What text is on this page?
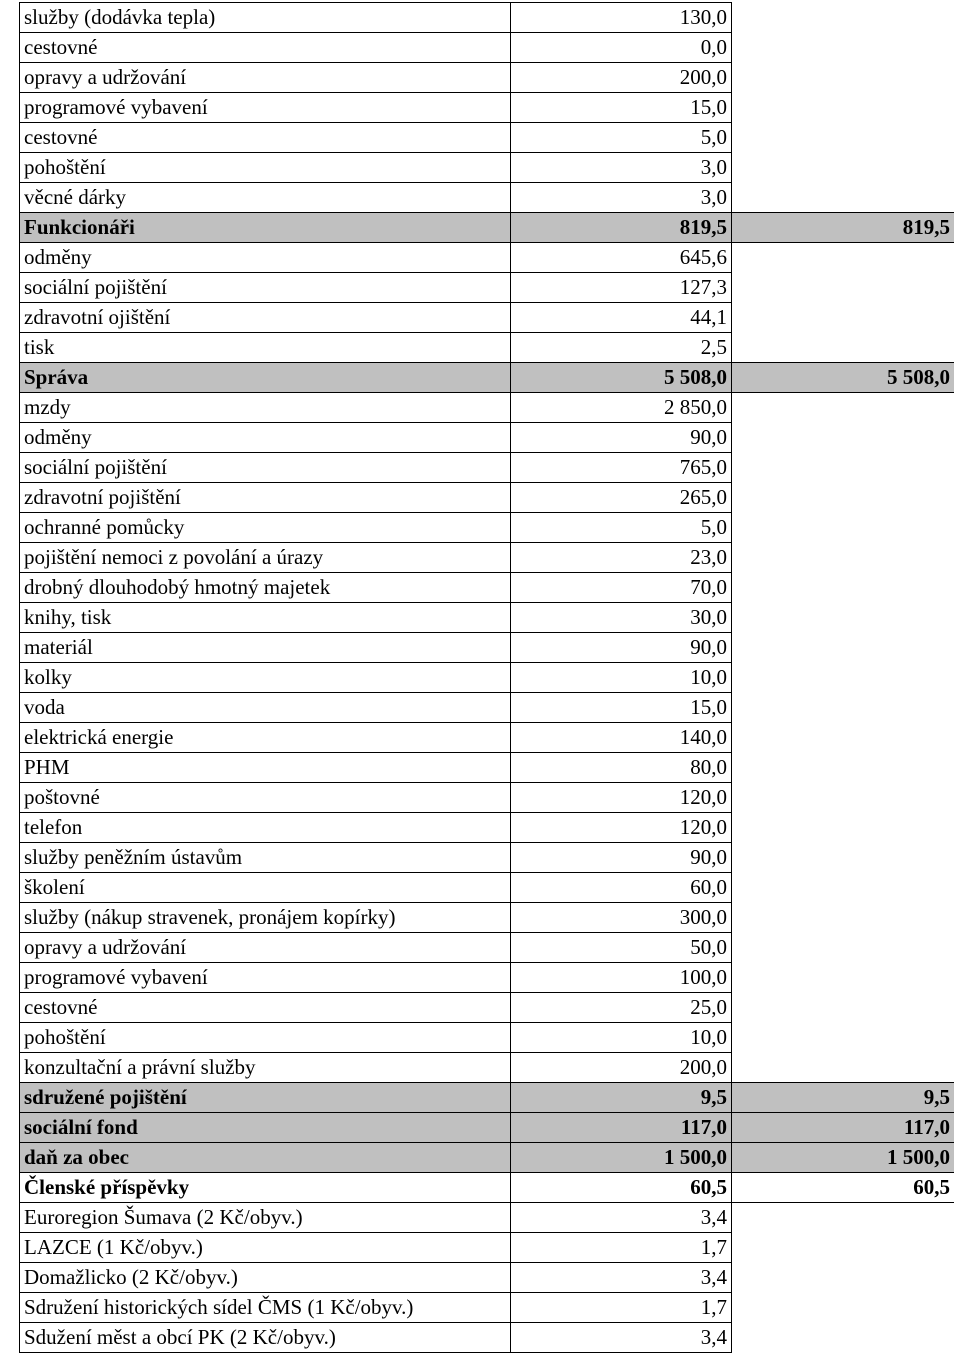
služby (dodávka tepla)	130,0	
cestovné	0,0	
opravy a udržování	200,0	
programové vybavení	15,0	
cestovné	5,0	
pohoštění	3,0	
věcné dárky	3,0	
Funkcionáři	819,5	819,5
odměny	645,6	
sociální pojištění	127,3	
zdravotní ojištění	44,1	
tisk	2,5	
Správa	5 508,0	5 508,0
mzdy	2 850,0	
odměny	90,0	
sociální pojištění	765,0	
zdravotní pojištění	265,0	
ochranné pomůcky	5,0	
pojištění nemoci z povolání a úrazy	23,0	
drobný dlouhodobý hmotný majetek	70,0	
knihy, tisk	30,0	
materiál	90,0	
kolky	10,0	
voda	15,0	
elektrická energie	140,0	
PHM	80,0	
poštovné	120,0	
telefon	120,0	
služby peněžním ústavům	90,0	
školení	60,0	
služby (nákup stravenek, pronájem kopírky)	300,0	
opravy a udržování	50,0	
programové vybavení	100,0	
cestovné	25,0	
pohoštění	10,0	
konzultační a právní služby	200,0	
sdružené pojištění	9,5	9,5
sociální fond	117,0	117,0
daň za obec	1 500,0	1 500,0
Členské příspěvky	60,5	60,5
Euroregion Šumava (2 Kč/obyv.)	3,4	
LAZCE (1 Kč/obyv.)	1,7	
Domažlicko (2 Kč/obyv.)	3,4	
Sdružení historických sídel ČMS (1 Kč/obyv.)	1,7	
Sdužení měst a obcí PK (2 Kč/obyv.)	3,4	
